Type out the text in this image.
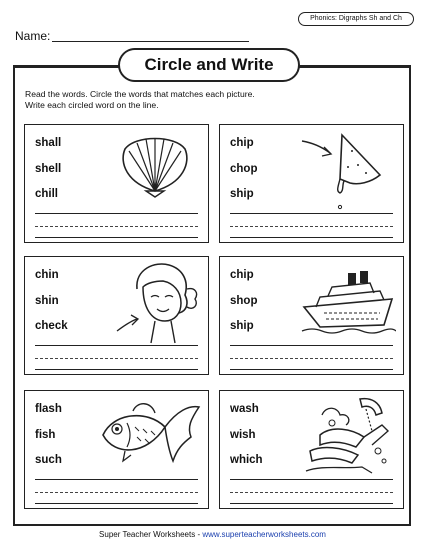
Phonics: Digraphs Sh and Ch
Name:
Circle and Write
Read the words. Circle the words that matches each picture.
Write each circled word on the line.
shall
shell
chill
chip
chop
ship
chin
shin
check
chip
shop
ship
flash
fish
such
wash
wish
which
Super Teacher Worksheets - www.superteacherworksheets.com
